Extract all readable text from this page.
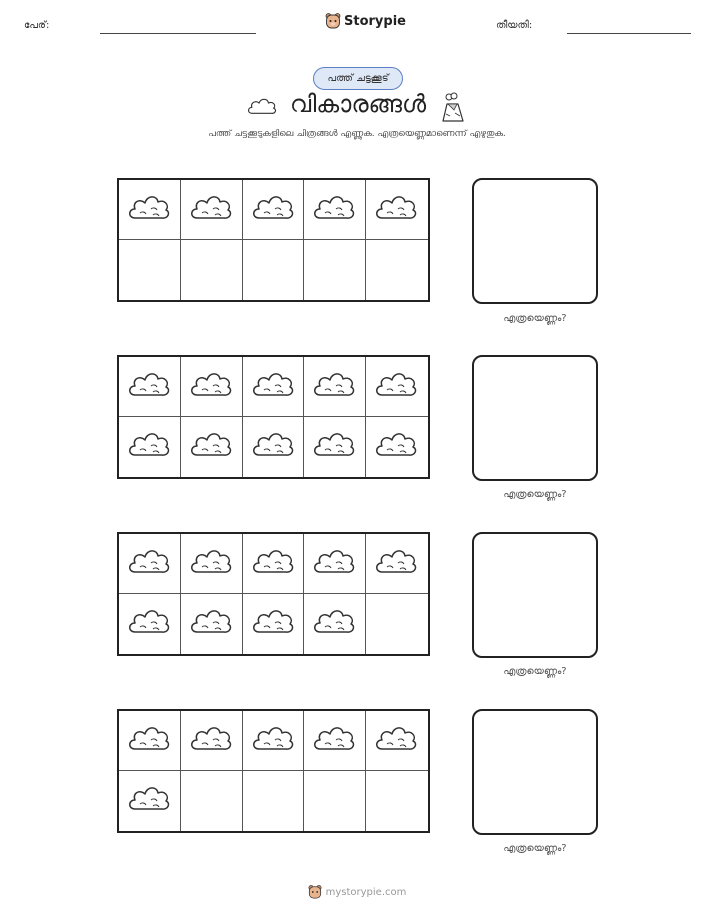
പേര്:	Storypie	തീയതി:
പത്ത് ചട്ടക്കൂട്
വികാരങ്ങൾ
പത്ത് ചട്ടക്കൂടുകളിലെ ചിത്രങ്ങൾ എണ്ണുക. എത്രയെണ്ണമാണെന്ന് എഴുതുക.
എത്രയെണ്ണം?
എത്രയെണ്ണം?
എത്രയെണ്ണം?
എത്രയെണ്ണം?
mystorypie.com
